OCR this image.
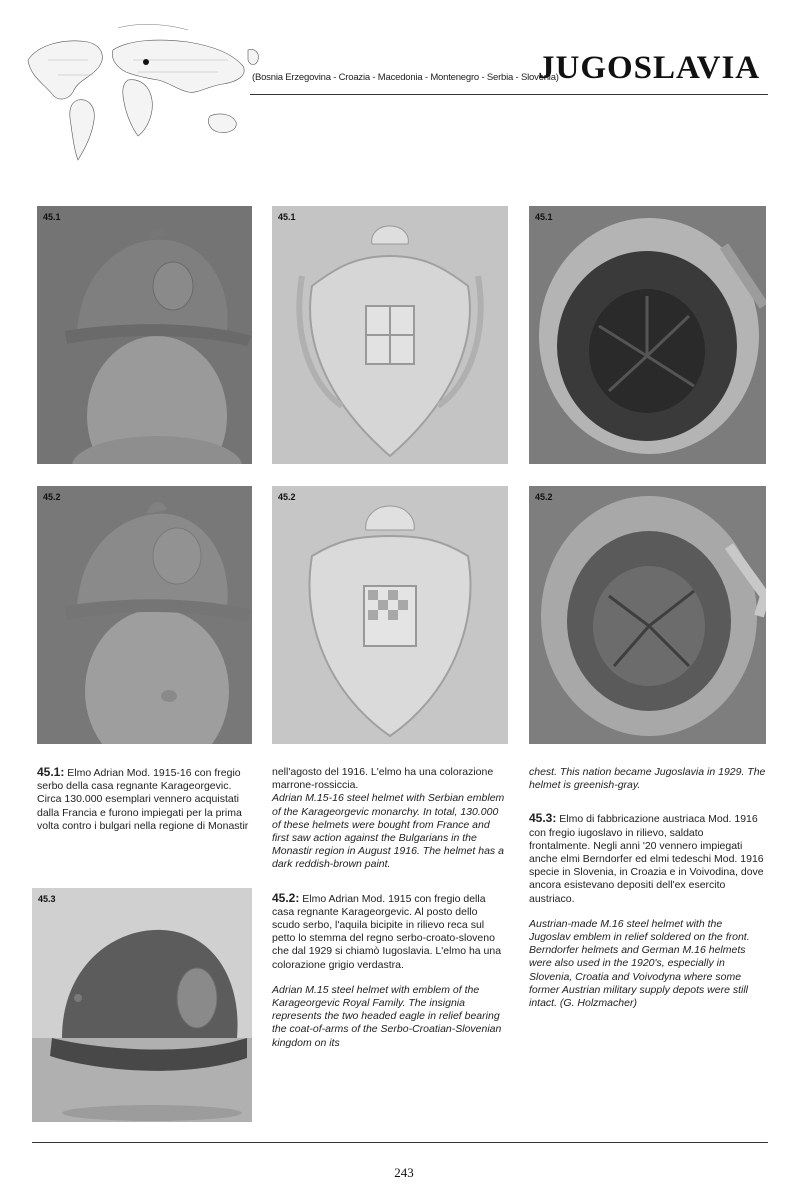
(Bosnia Erzegovina - Croazia - Macedonia - Montenegro - Serbia - Slovenia)
JUGOSLAVIA
45.1	45.1	45.1
45.2	45.2	45.2
45.3

45.1: Elmo Adrian Mod. 1915-16 con fregio serbo della casa regnante Karageorgevic. Circa 130.000 esemplari vennero acquistati dalla Francia e furono impiegati per la prima volta contro i bulgari nella regione di Monastir

nell'agosto del 1916. L'elmo ha una colorazione marrone-rossiccia.

Adrian M.15-16 steel helmet with Serbian emblem of the Karageorgevic monarchy. In total, 130.000 of these helmets were bought from France and first saw action against the Bulgarians in the Monastir region in August 1916. The helmet has a dark reddish-brown paint.

45.2: Elmo Adrian Mod. 1915 con fregio della casa regnante Karageorgevic. Al posto dello scudo serbo, l'aquila bicipite in rilievo reca sul petto lo stemma del regno serbo-croato-sloveno che dal 1929 si chiamò Iugoslavia. L'elmo ha una colorazione grigio verdastra.

Adrian M.15 steel helmet with emblem of the Karageorgevic Royal Family. The insignia represents the two headed eagle in relief bearing the coat-of-arms of the Serbo-Croatian-Slovenian kingdom on its

chest. This nation became Jugoslavia in 1929. The helmet is greenish-gray.

45.3: Elmo di fabbricazione austriaca Mod. 1916 con fregio iugoslavo in rilievo, saldato frontalmente. Negli anni '20 vennero impiegati anche elmi Berndorfer ed elmi tedeschi Mod. 1916 specie in Slovenia, in Croazia e in Voivodina, dove ancora esistevano depositi dell'ex esercito austriaco.

Austrian-made M.16 steel helmet with the Jugoslav emblem in relief soldered on the front. Berndorfer helmets and German M.16 helmets were also used in the 1920's, especially in Slovenia, Croatia and Voivodyna where some former Austrian military supply depots were still intact. (G. Holzmacher)

243
